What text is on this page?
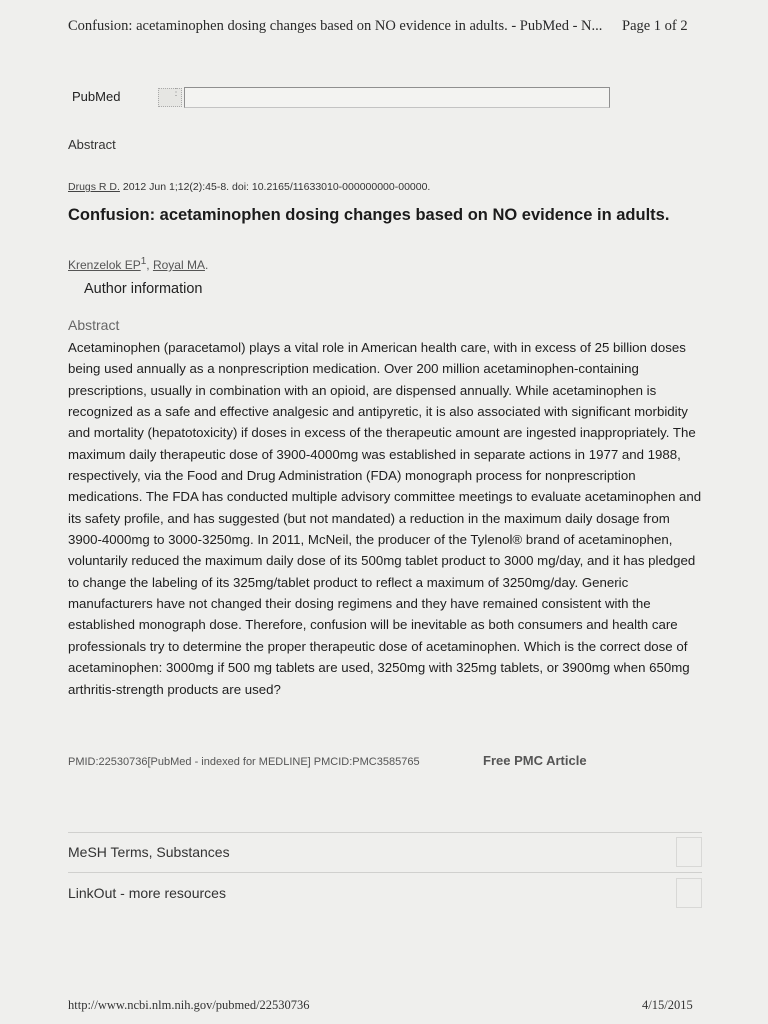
Confusion: acetaminophen dosing changes based on NO evidence in adults. - PubMed - N... Page 1 of 2
PubMed	⋮
Abstract
Drugs R D. 2012 Jun 1;12(2):45-8. doi: 10.2165/11633010-000000000-00000.
Confusion: acetaminophen dosing changes based on NO evidence in adults.
Krenzelok $EP^1$, Royal MA.
Author information
Abstract

Acetaminophen (paracetamol) plays a vital role in American health care, with in excess of 25 billion doses being used annually as a nonprescription medication. Over 200 million acetaminophen-containing prescriptions, usually in combination with an opioid, are dispensed annually. While acetaminophen is recognized as a safe and effective analgesic and antipyretic, it is also associated with significant morbidity and mortality (hepatotoxicity) if doses in excess of the therapeutic amount are ingested inappropriately. The maximum daily therapeutic dose of 3900-4000mg was established in separate actions in 1977 and 1988, respectively, via the Food and Drug Administration (FDA) monograph process for nonprescription medications. The FDA has conducted multiple advisory committee meetings to evaluate acetaminophen and its safety profile, and has suggested (but not mandated) a reduction in the maximum daily dosage from 3900-4000mg to 3000-3250mg. In 2011, McNeil, the producer of the Tylenol® brand of acetaminophen, voluntarily reduced the maximum daily dose of its 500mg tablet product to 3000 mg/day, and it has pledged to change the labeling of its 325mg/tablet product to reflect a maximum of 3250mg/day. Generic manufacturers have not changed their dosing regimens and they have remained consistent with the established monograph dose. Therefore, confusion will be inevitable as both consumers and health care professionals try to determine the proper therapeutic dose of acetaminophen. Which is the correct dose of acetaminophen: 3000mg if 500 mg tablets are used, 3250mg with 325mg tablets, or 3900mg when 650mg arthritis-strength products are used?

PMID:22530736[PubMed - indexed for MEDLINE] PMCID:PMC3585765	Free PMC Article
MeSH Terms, Substances
LinkOut - more resources
http://www.ncbi.nlm.nih.gov/pubmed/22530736	4/15/2015
